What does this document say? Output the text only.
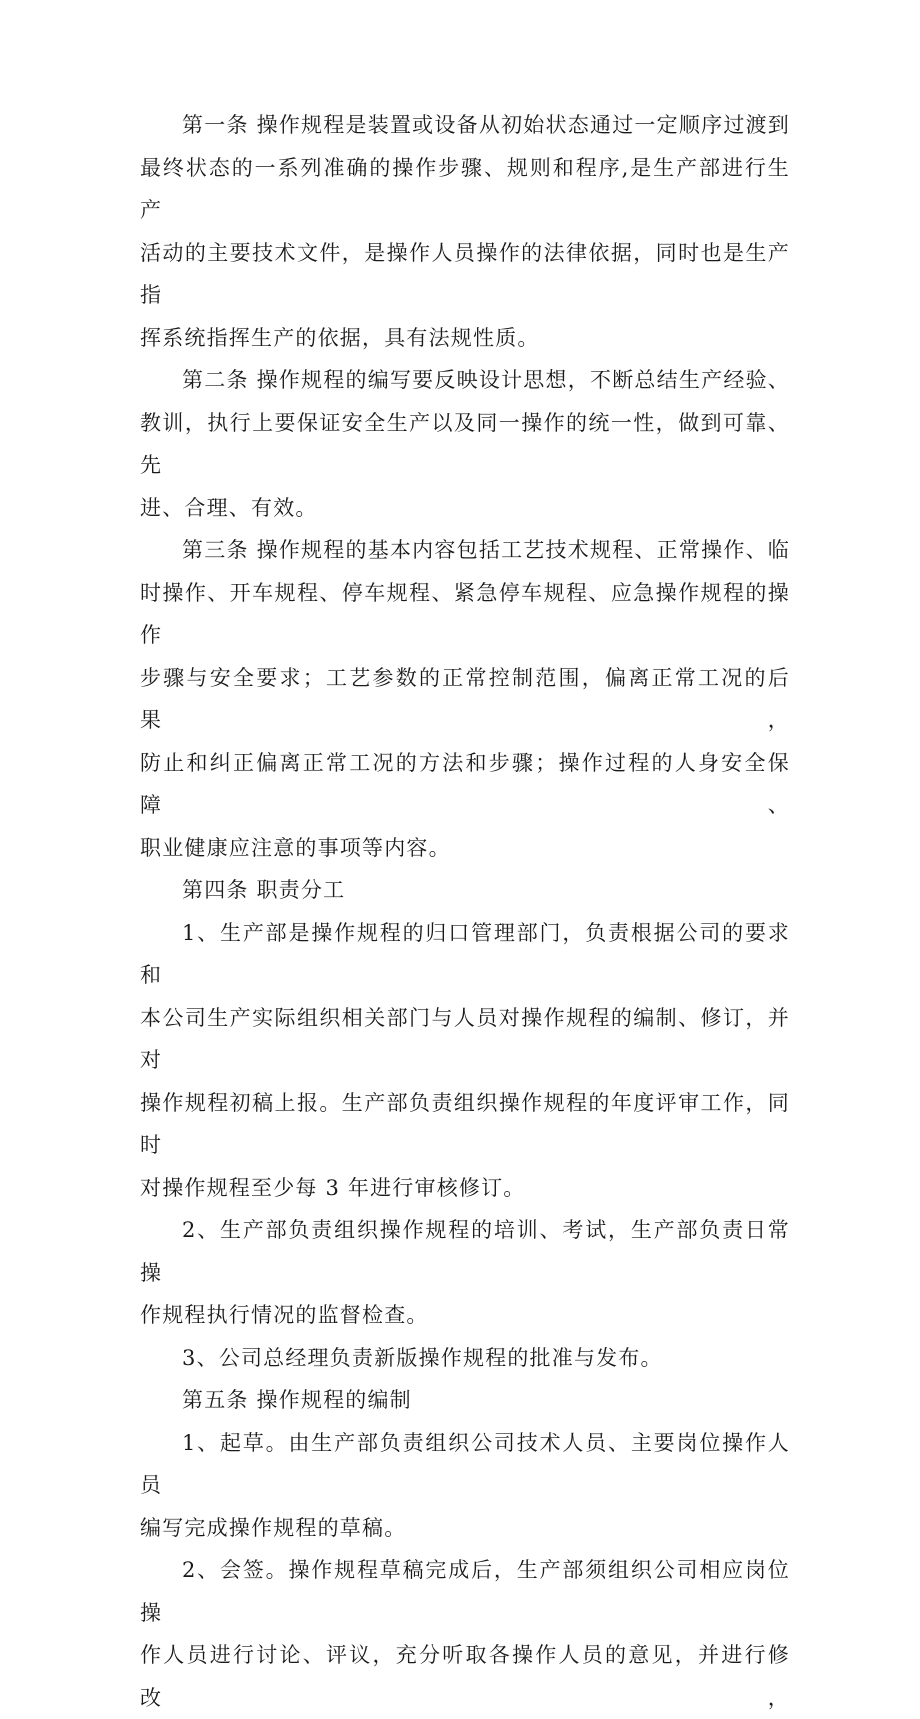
第一条 操作规程是装置或设备从初始状态通过一定顺序过渡到
最终状态的一系列准确的操作步骤、规则和程序,是生产部进行生产
活动的主要技术文件，是操作人员操作的法律依据，同时也是生产指
挥系统指挥生产的依据，具有法规性质。
第二条 操作规程的编写要反映设计思想，不断总结生产经验、
教训，执行上要保证安全生产以及同一操作的统一性，做到可靠、先
进、合理、有效。
第三条 操作规程的基本内容包括工艺技术规程、正常操作、临
时操作、开车规程、停车规程、紧急停车规程、应急操作规程的操作
步骤与安全要求；工艺参数的正常控制范围，偏离正常工况的后果，
防止和纠正偏离正常工况的方法和步骤；操作过程的人身安全保障、
职业健康应注意的事项等内容。
第四条 职责分工
1、生产部是操作规程的归口管理部门，负责根据公司的要求和
本公司生产实际组织相关部门与人员对操作规程的编制、修订，并对
操作规程初稿上报。生产部负责组织操作规程的年度评审工作，同时
对操作规程至少每 3 年进行审核修订。
2、生产部负责组织操作规程的培训、考试，生产部负责日常操
作规程执行情况的监督检查。
3、公司总经理负责新版操作规程的批准与发布。
第五条 操作规程的编制
1、起草。由生产部负责组织公司技术人员、主要岗位操作人员
编写完成操作规程的草稿。
2、会签。操作规程草稿完成后，生产部须组织公司相应岗位操
作人员进行讨论、评议，充分听取各操作人员的意见，并进行修改，
